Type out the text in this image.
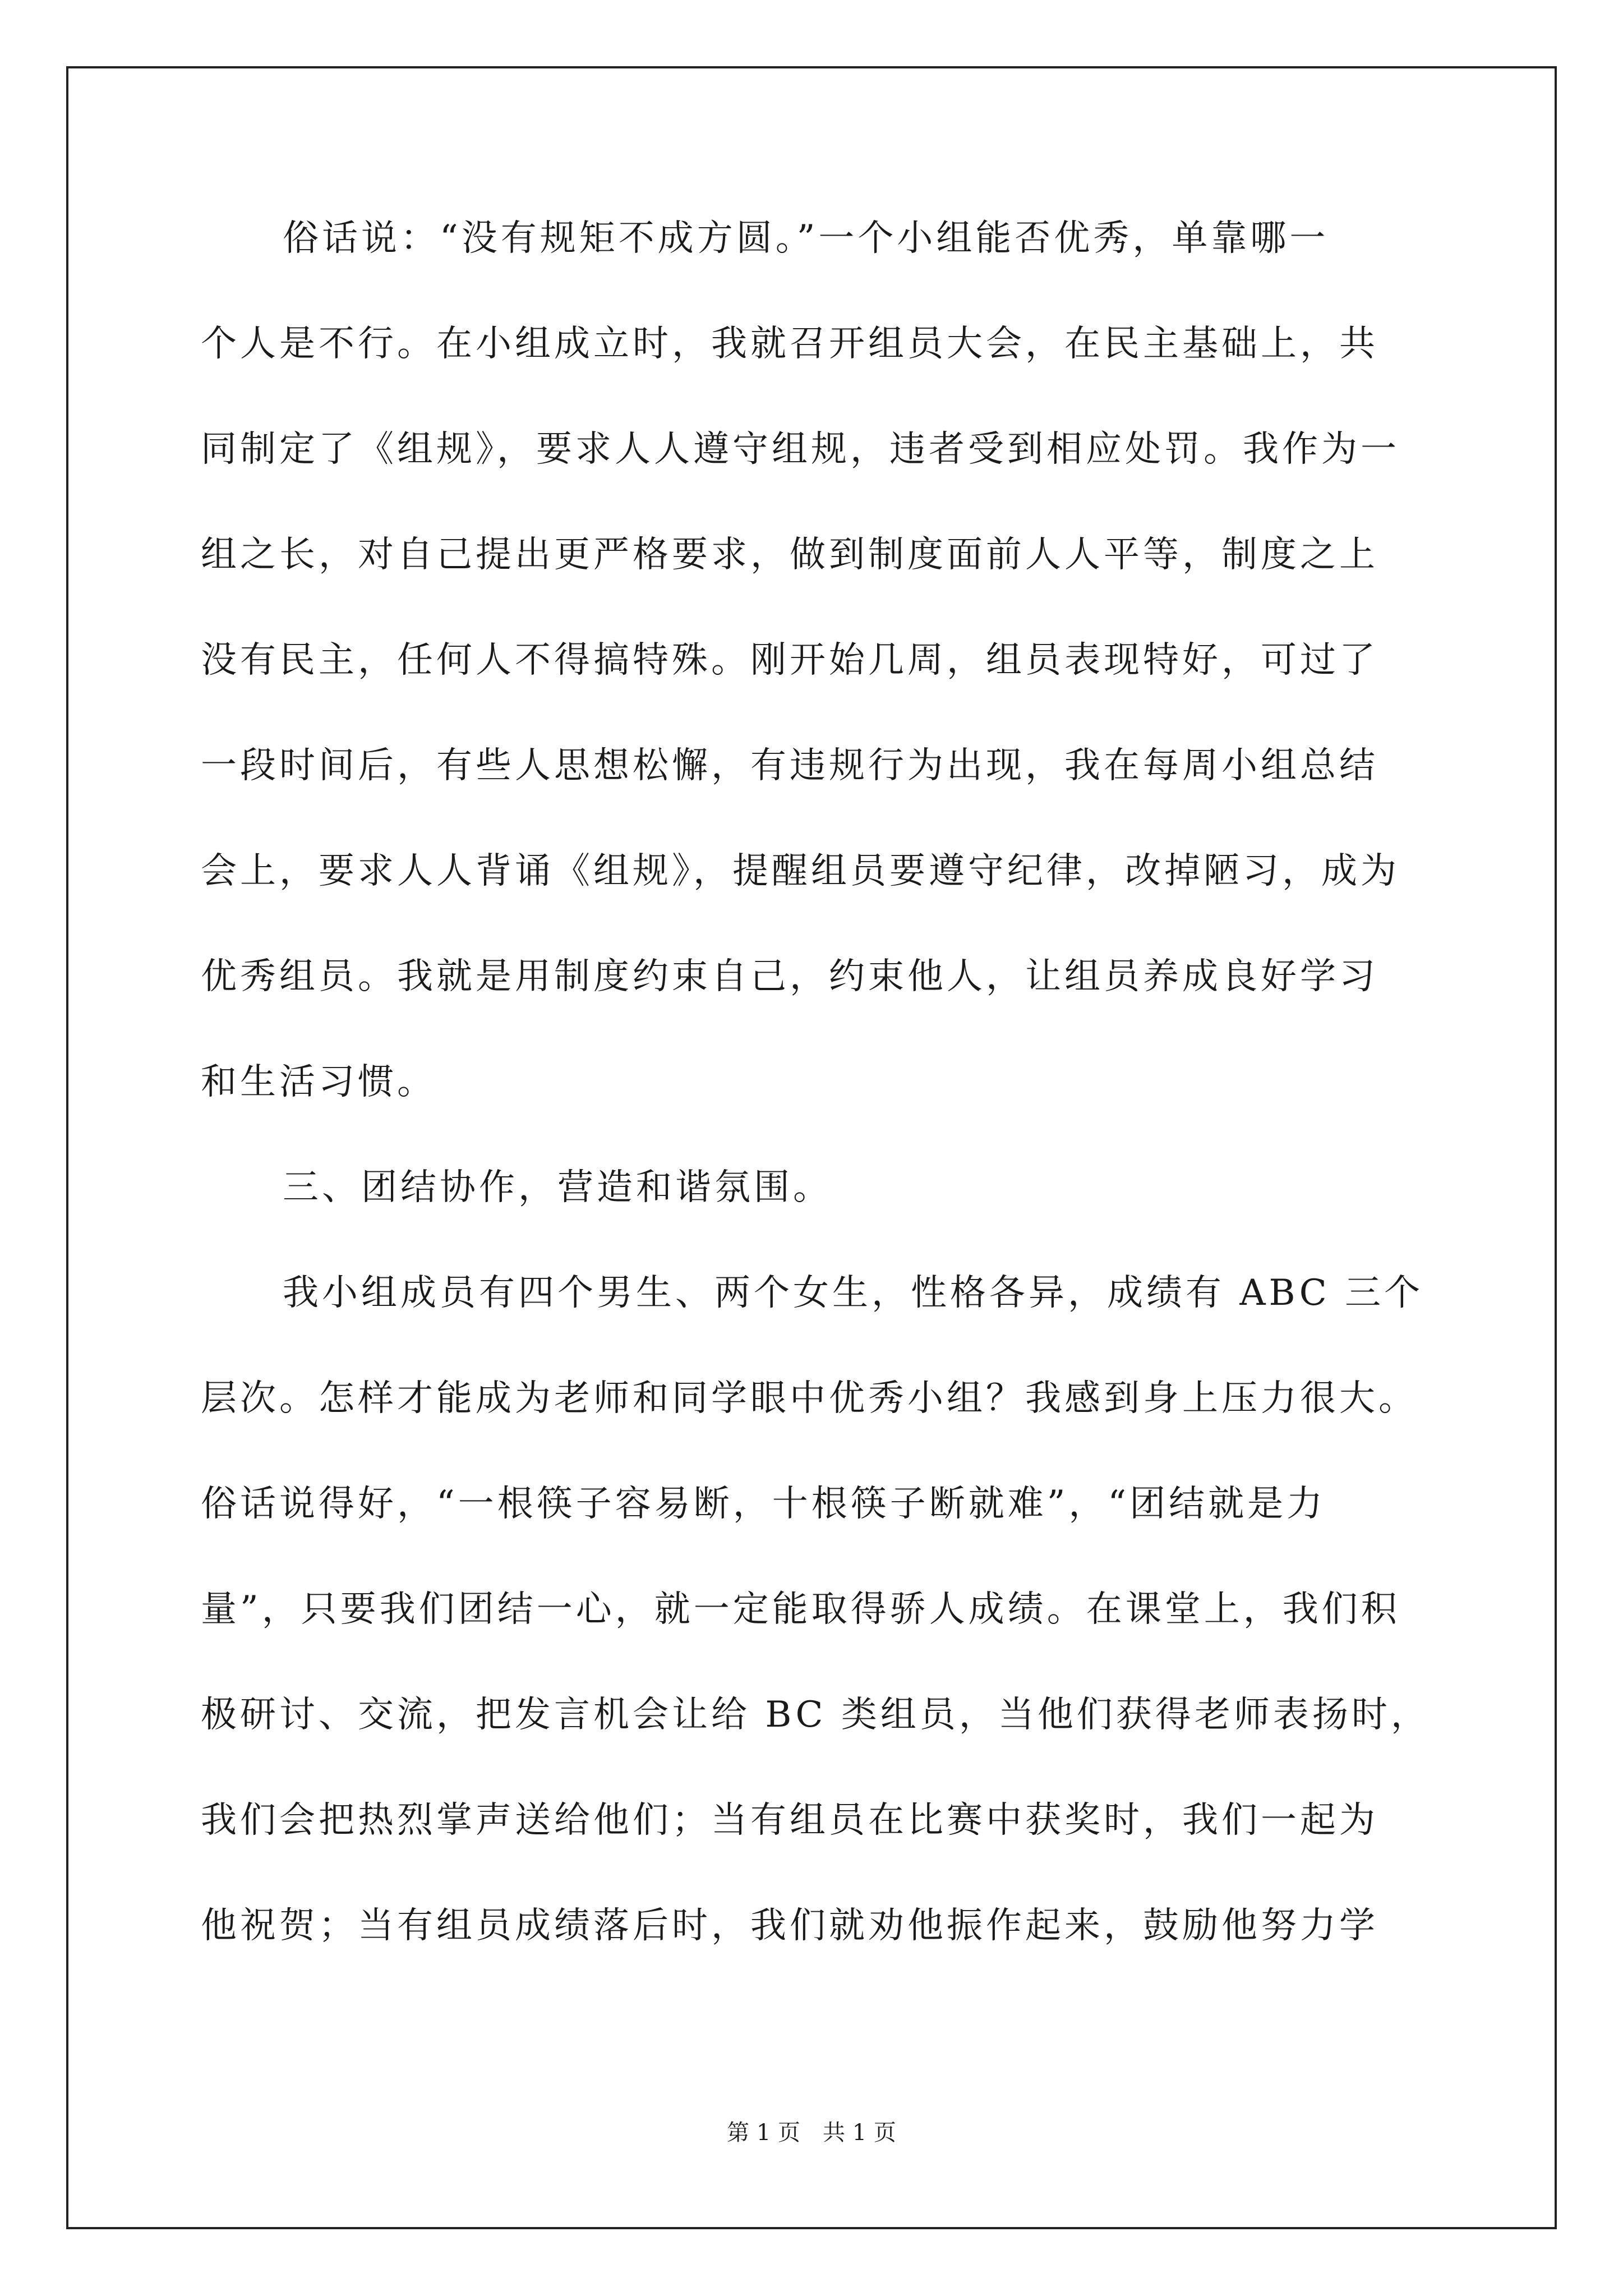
俗话说：“没有规矩不成方圆。”一个小组能否优秀，单靠哪一
个人是不行。在小组成立时，我就召开组员大会，在民主基础上，共
同制定了《组规》，要求人人遵守组规，违者受到相应处罚。我作为一
组之长，对自己提出更严格要求，做到制度面前人人平等，制度之上
没有民主，任何人不得搞特殊。刚开始几周，组员表现特好，可过了
一段时间后，有些人思想松懈，有违规行为出现，我在每周小组总结
会上，要求人人背诵《组规》，提醒组员要遵守纪律，改掉陋习，成为
优秀组员。我就是用制度约束自己，约束他人，让组员养成良好学习
和生活习惯。
三、团结协作，营造和谐氛围。
我小组成员有四个男生、两个女生，性格各异，成绩有 ABC 三个
层次。怎样才能成为老师和同学眼中优秀小组？我感到身上压力很大。
俗话说得好，“一根筷子容易断，十根筷子断就难”，“团结就是力
量”，只要我们团结一心，就一定能取得骄人成绩。在课堂上，我们积
极研讨、交流，把发言机会让给 BC 类组员，当他们获得老师表扬时，
我们会把热烈掌声送给他们；当有组员在比赛中获奖时，我们一起为
他祝贺；当有组员成绩落后时，我们就劝他振作起来，鼓励他努力学
第 1 页 共 1 页
